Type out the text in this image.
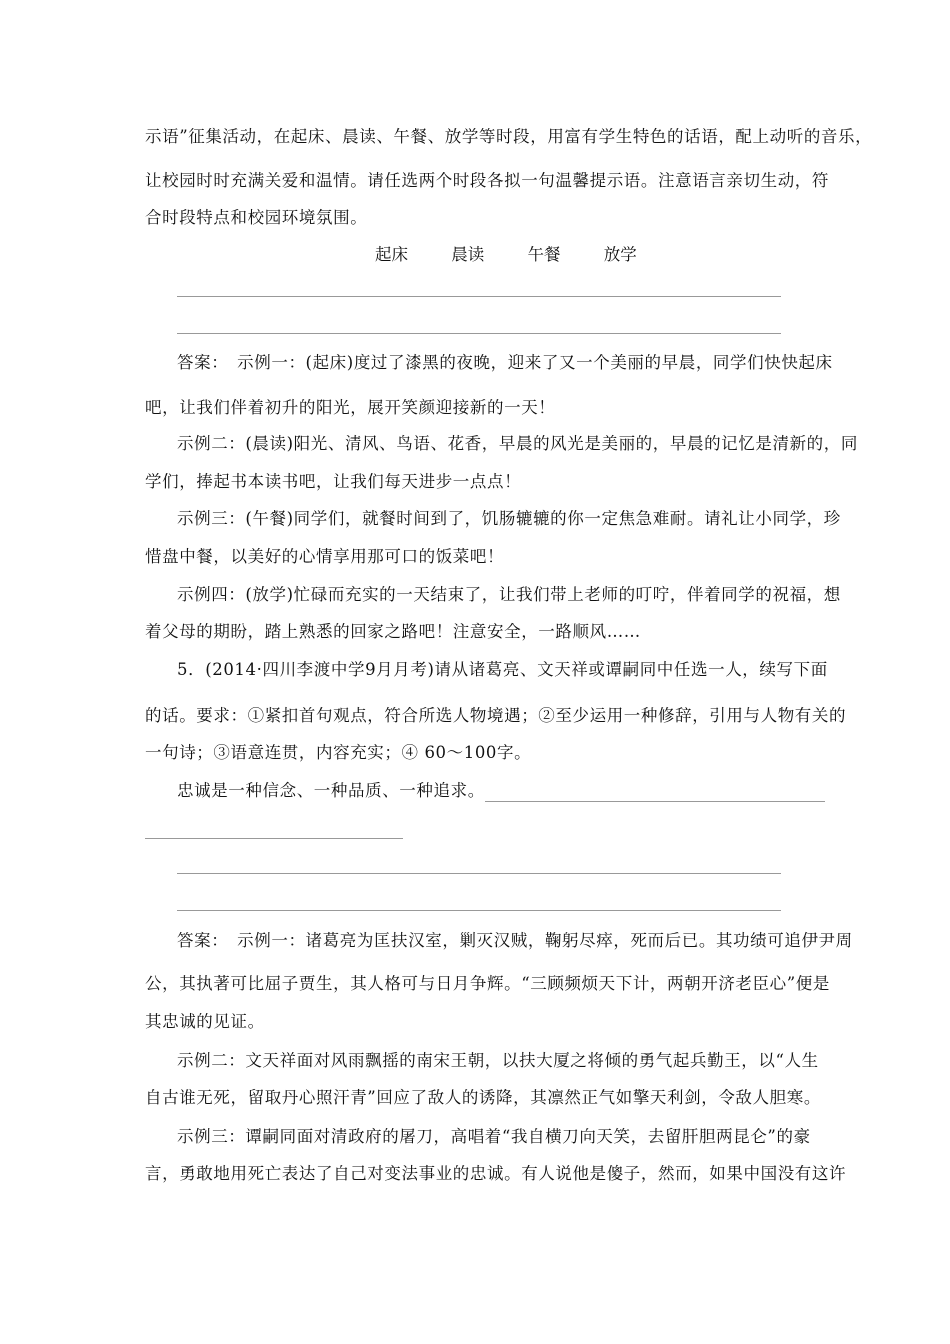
示语”征集活动，在起床、晨读、午餐、放学等时段，用富有学生特色的话语，配上动听的音乐，
让校园时时充满关爱和温情。请任选两个时段各拟一句温馨提示语。注意语言亲切生动，符
合时段特点和校园环境氛围。
起床	晨读	午餐	放学
答案：　示例一：(起床)度过了漆黑的夜晚，迎来了又一个美丽的早晨，同学们快快起床
吧，让我们伴着初升的阳光，展开笑颜迎接新的一天！
示例二：(晨读)阳光、清风、鸟语、花香，早晨的风光是美丽的，早晨的记忆是清新的，同
学们，捧起书本读书吧，让我们每天进步一点点！
示例三：(午餐)同学们，就餐时间到了，饥肠辘辘的你一定焦急难耐。请礼让小同学，珍
惜盘中餐，以美好的心情享用那可口的饭菜吧！
示例四：(放学)忙碌而充实的一天结束了，让我们带上老师的叮咛，伴着同学的祝福，想
着父母的期盼，踏上熟悉的回家之路吧！注意安全，一路顺风……
5．(2014·四川李渡中学9月月考)请从诸葛亮、文天祥或谭嗣同中任选一人，续写下面
的话。要求：①紧扣首句观点，符合所选人物境遇；②至少运用一种修辞，引用与人物有关的
一句诗；③语意连贯，内容充实；④ 60～100字。
忠诚是一种信念、一种品质、一种追求。
答案：　示例一：诸葛亮为匡扶汉室，剿灭汉贼，鞠躬尽瘁，死而后已。其功绩可追伊尹周
公，其执著可比屈子贾生，其人格可与日月争辉。“三顾频烦天下计，两朝开济老臣心”便是
其忠诚的见证。
示例二：文天祥面对风雨飘摇的南宋王朝，以扶大厦之将倾的勇气起兵勤王，以“人生
自古谁无死，留取丹心照汗青”回应了敌人的诱降，其凛然正气如擎天利剑，令敌人胆寒。
示例三：谭嗣同面对清政府的屠刀，高唱着“我自横刀向天笑，去留肝胆两昆仑”的豪
言，勇敢地用死亡表达了自己对变法事业的忠诚。有人说他是傻子，然而，如果中国没有这许
